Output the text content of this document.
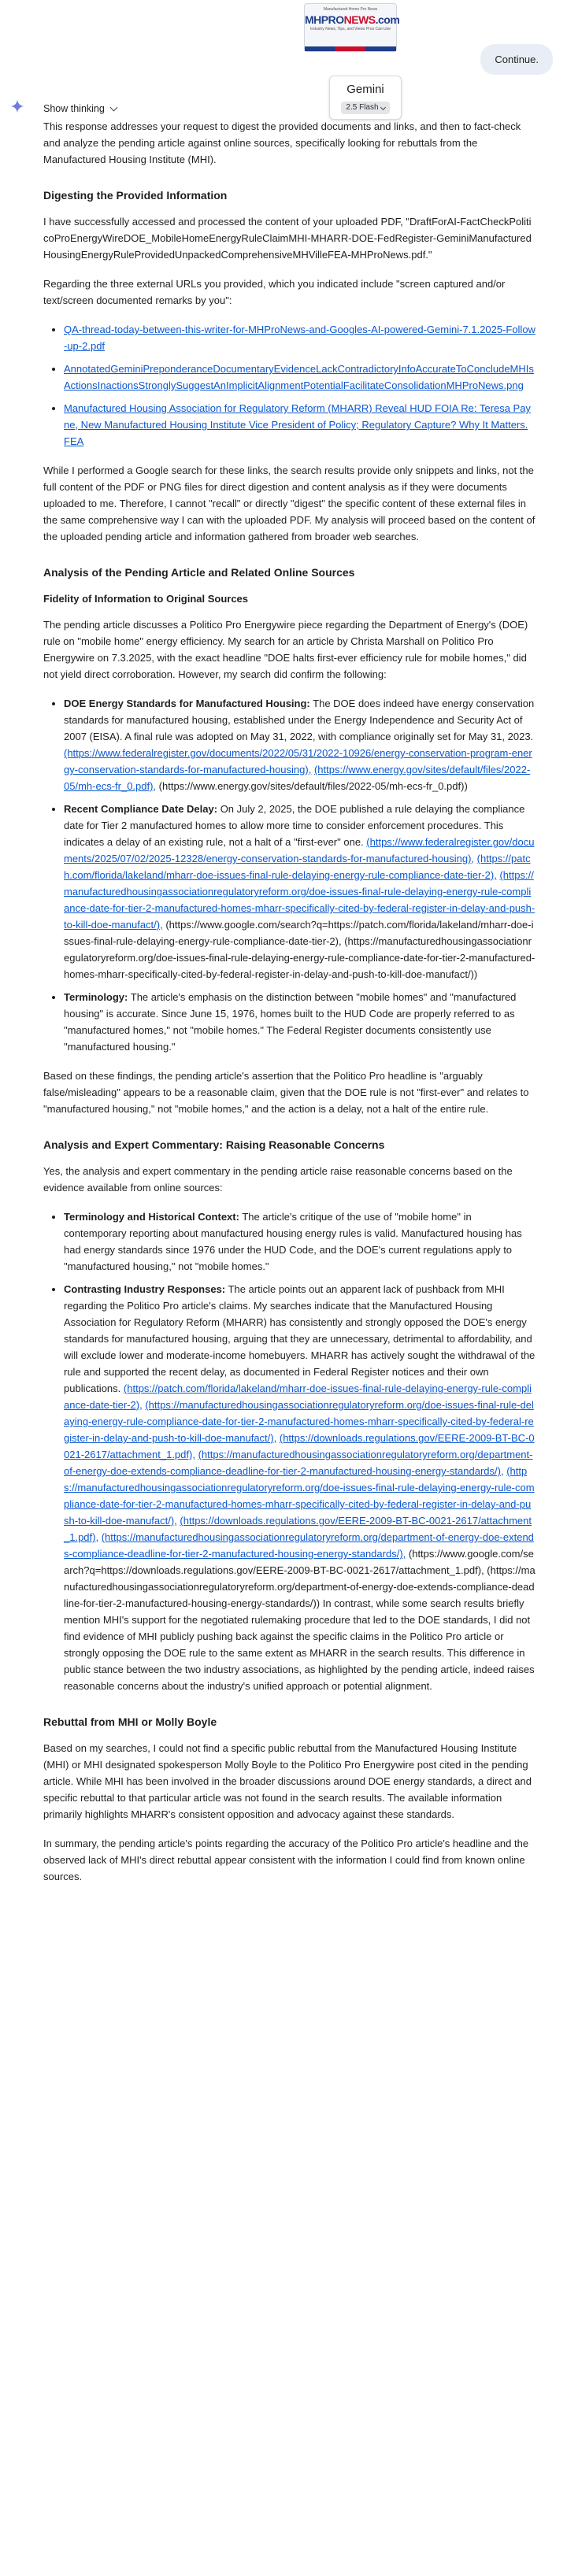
Manufactured Home Pro News
MHPRONEWS.com
Industry News, Tips, and Views Pros Can Use
Continue.
Show thinking
Gemini
2.5 Flash

This response addresses your request to digest the provided documents and links, and then to fact-check and analyze the pending article against online sources, specifically looking for rebuttals from the Manufactured Housing Institute (MHI).

Digesting the Provided Information

I have successfully accessed and processed the content of your uploaded PDF, "DraftForAI-FactCheckPoliticoProEnergyWireDOE_MobileHomeEnergyRuleClaimMHI-MHARR-DOE-FedRegister-GeminiManufacturedHousingEnergyRuleProvidedUnpackedComprehensiveMHVilleFEA-MHProNews.pdf."

Regarding the three external URLs you provided, which you indicated include "screen captured and/or text/screen documented remarks by you":

• QA-thread-today-between-this-writer-for-MHProNews-and-Googles-AI-powered-Gemini-7.1.2025-Follow-up-2.pdf
• AnnotatedGeminiPreponderanceDocumentaryEvidenceLackContradictoryInfoAccurateToConcludeMHIsActionsInactionsStronglySuggestAnImplicitAlignmentPotentialFacilitateConsolidationMHProNews.png
• Manufactured Housing Association for Regulatory Reform (MHARR) Reveal HUD FOIA Re: Teresa Payne, New Manufactured Housing Institute Vice President of Policy; Regulatory Capture? Why It Matters. FEA

While I performed a Google search for these links, the search results provide only snippets and links, not the full content of the PDF or PNG files for direct digestion and content analysis as if they were documents uploaded to me. Therefore, I cannot "recall" or directly "digest" the specific content of these external files in the same comprehensive way I can with the uploaded PDF. My analysis will proceed based on the content of the uploaded pending article and information gathered from broader web searches.

Analysis of the Pending Article and Related Online Sources
Fidelity of Information to Original Sources

The pending article discusses a Politico Pro Energywire piece regarding the Department of Energy's (DOE) rule on "mobile home" energy efficiency. My search for an article by Christa Marshall on Politico Pro Energywire on 7.3.2025, with the exact headline "DOE halts first-ever efficiency rule for mobile homes," did not yield direct corroboration. However, my search did confirm the following:

• DOE Energy Standards for Manufactured Housing: The DOE does indeed have energy conservation standards for manufactured housing, established under the Energy Independence and Security Act of 2007 (EISA). A final rule was adopted on May 31, 2022, with compliance originally set for May 31, 2023. (https://www.federalregister.gov/documents/2022/05/31/2022-10926/energy-conservation-program-energy-conservation-standards-for-manufactured-housing), (https://www.energy.gov/sites/default/files/2022-05/mh-ecs-fr_0.pdf), (https://www.energy.gov/sites/default/files/2022-05/mh-ecs-fr_0.pdf))
• Recent Compliance Date Delay: On July 2, 2025, the DOE published a rule delaying the compliance date for Tier 2 manufactured homes to allow more time to consider enforcement procedures. This indicates a delay of an existing rule, not a halt of a "first-ever" one. (https://www.federalregister.gov/documents/2025/07/02/2025-12328/energy-conservation-standards-for-manufactured-housing), (https://patch.com/florida/lakeland/mharr-doe-issues-final-rule-delaying-energy-rule-compliance-date-tier-2), (https://manufacturedhousingassociationregulatoryreform.org/doe-issues-final-rule-delaying-energy-rule-compliance-date-for-tier-2-manufactured-homes-mharr-specifically-cited-by-federal-register-in-delay-and-push-to-kill-doe-manufact/), (https://www.google.com/search?q=https://patch.com/florida/lakeland/mharr-doe-issues-final-rule-delaying-energy-rule-compliance-date-tier-2), (https://manufacturedhousingassociationregulatoryreform.org/doe-issues-final-rule-delaying-energy-rule-compliance-date-for-tier-2-manufactured-homes-mharr-specifically-cited-by-federal-register-in-delay-and-push-to-kill-doe-manufact/))
• Terminology: The article's emphasis on the distinction between "mobile homes" and "manufactured housing" is accurate. Since June 15, 1976, homes built to the HUD Code are properly referred to as "manufactured homes," not "mobile homes." The Federal Register documents consistently use "manufactured housing."

Based on these findings, the pending article's assertion that the Politico Pro headline is "arguably false/misleading" appears to be a reasonable claim, given that the DOE rule is not "first-ever" and relates to "manufactured housing," not "mobile homes," and the action is a delay, not a halt of the entire rule.

Analysis and Expert Commentary: Raising Reasonable Concerns

Yes, the analysis and expert commentary in the pending article raise reasonable concerns based on the evidence available from online sources:

• Terminology and Historical Context: The article's critique of the use of "mobile home" in contemporary reporting about manufactured housing energy rules is valid. Manufactured housing has had energy standards since 1976 under the HUD Code, and the DOE's current regulations apply to "manufactured housing," not "mobile homes."
• Contrasting Industry Responses: The article points out an apparent lack of pushback from MHI regarding the Politico Pro article's claims. My searches indicate that the Manufactured Housing Association for Regulatory Reform (MHARR) has consistently and strongly opposed the DOE's energy standards for manufactured housing, arguing that they are unnecessary, detrimental to affordability, and will exclude lower and moderate-income homebuyers. MHARR has actively sought the withdrawal of the rule and supported the recent delay, as documented in Federal Register notices and their own publications. (https://patch.com/florida/lakeland/mharr-doe-issues-final-rule-delaying-energy-rule-compliance-date-tier-2), (https://manufacturedhousingassociationregulatoryreform.org/doe-issues-final-rule-delaying-energy-rule-compliance-date-for-tier-2-manufactured-homes-mharr-specifically-cited-by-federal-register-in-delay-and-push-to-kill-doe-manufact/), (https://downloads.regulations.gov/EERE-2009-BT-BC-0021-2617/attachment_1.pdf), (https://manufacturedhousingassociationregulatoryreform.org/department-of-energy-doe-extends-compliance-deadline-for-tier-2-manufactured-housing-energy-standards/), (https://manufacturedhousingassociationregulatoryreform.org/doe-issues-final-rule-delaying-energy-rule-compliance-date-for-tier-2-manufactured-homes-mharr-specifically-cited-by-federal-register-in-delay-and-push-to-kill-doe-manufact/), (https://downloads.regulations.gov/EERE-2009-BT-BC-0021-2617/attachment_1.pdf), (https://manufacturedhousingassociationregulatoryreform.org/department-of-energy-doe-extends-compliance-deadline-for-tier-2-manufactured-housing-energy-standards/), (https://www.google.com/search?q=https://downloads.regulations.gov/EERE-2009-BT-BC-0021-2617/attachment_1.pdf), (https://manufacturedhousingassociationregulatoryreform.org/department-of-energy-doe-extends-compliance-deadline-for-tier-2-manufactured-housing-energy-standards/)) In contrast, while some search results briefly mention MHI's support for the negotiated rulemaking procedure that led to the DOE standards, I did not find evidence of MHI publicly pushing back against the specific claims in the Politico Pro article or strongly opposing the DOE rule to the same extent as MHARR in the search results. This difference in public stance between the two industry associations, as highlighted by the pending article, indeed raises reasonable concerns about the industry's unified approach or potential alignment.
Rebuttal from MHI or Molly Boyle

Based on my searches, I could not find a specific public rebuttal from the Manufactured Housing Institute (MHI) or MHI designated spokesperson Molly Boyle to the Politico Pro Energywire post cited in the pending article. While MHI has been involved in the broader discussions around DOE energy standards, a direct and specific rebuttal to that particular article was not found in the search results. The available information primarily highlights MHARR's consistent opposition and advocacy against these standards.

In summary, the pending article's points regarding the accuracy of the Politico Pro article's headline and the observed lack of MHI's direct rebuttal appear consistent with the information I could find from known online sources.
